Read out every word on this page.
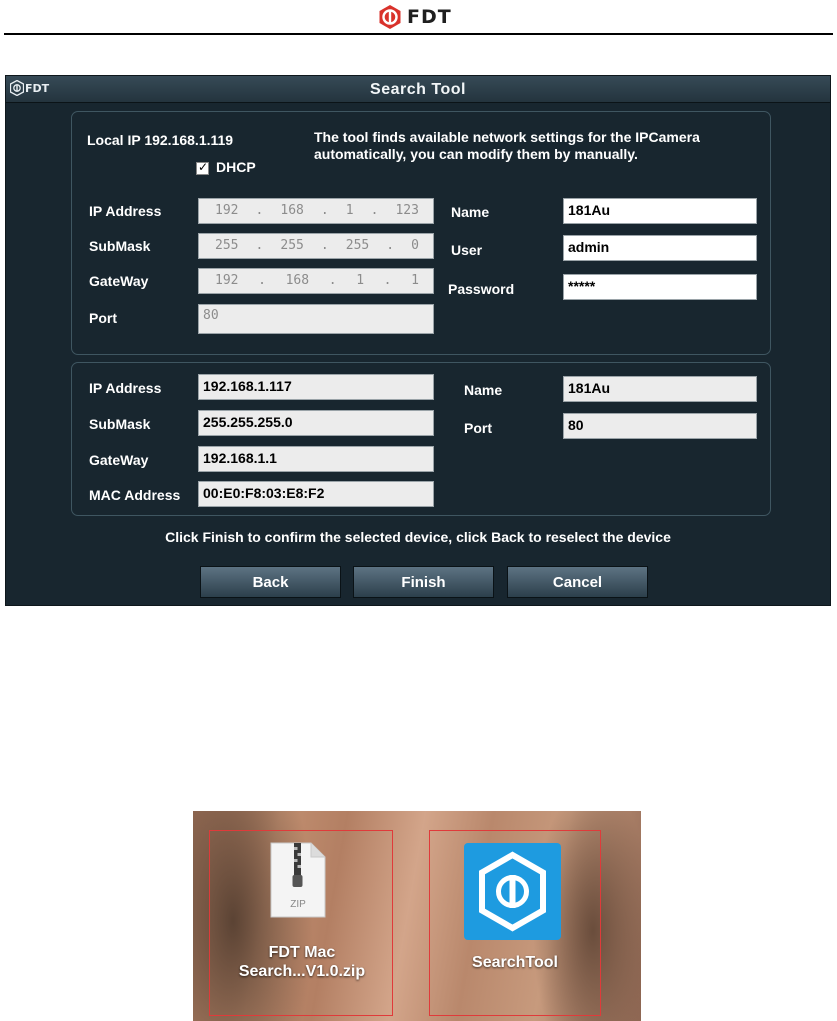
FDT
FDT	Search Tool
Local IP 192.168.1.119
✓ DHCP
The tool finds available network settings for the IPCamera automatically, you can modify them by manually.
IP Address	192 . 168 . 1 . 123
SubMask	255 . 255 . 255 . 0
GateWay	192 . 168 . 1 . 1
Port	80
Name	181Au
User	admin
Password	*****
IP Address	192.168.1.117
SubMask	255.255.255.0
GateWay	192.168.1.1
MAC Address	00:E0:F8:03:E8:F2
Name	181Au
Port	80
Click Finish to confirm the selected device, click Back to reselect the device
Back	Finish	Cancel
ZIP
FDT Mac
Search...V1.0.zip
SearchTool
